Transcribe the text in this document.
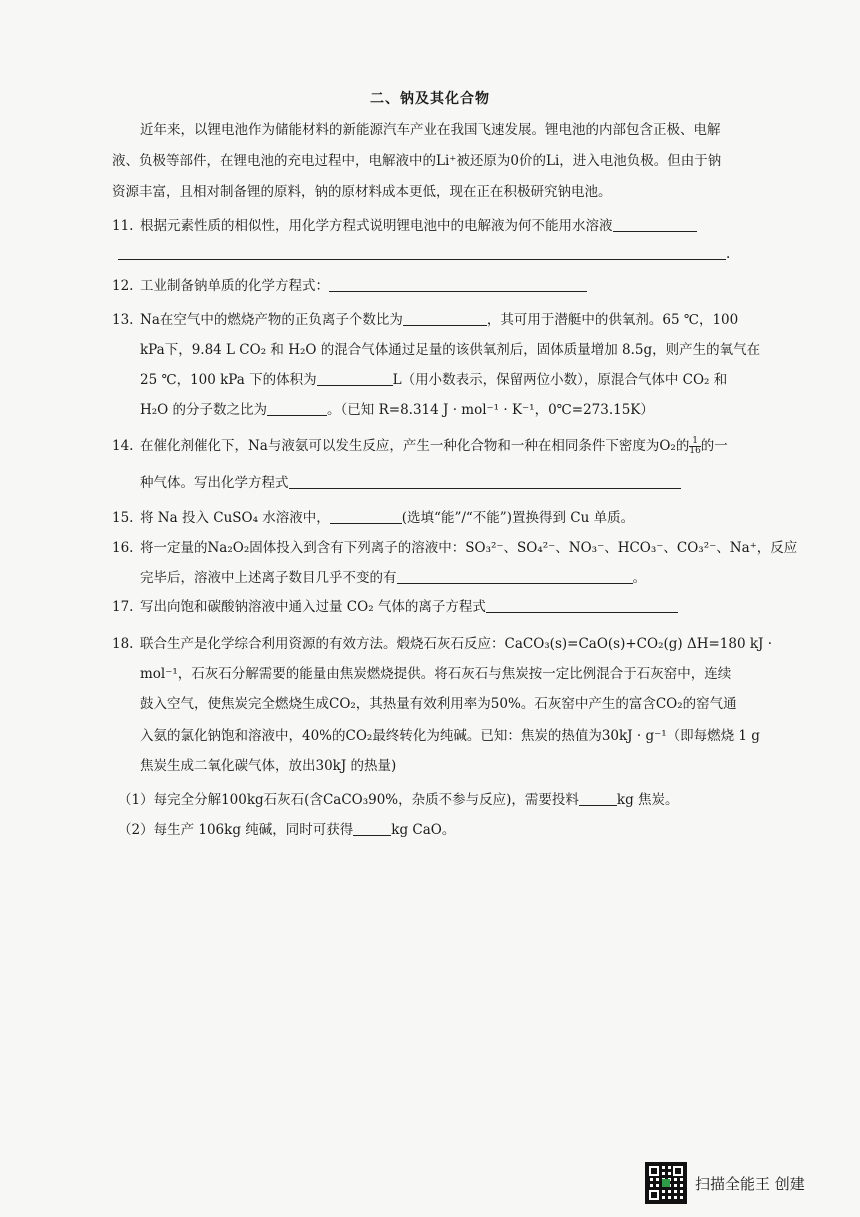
二、钠及其化合物
近年来，以锂电池作为储能材料的新能源汽车产业在我国飞速发展。锂电池的内部包含正极、电解
液、负极等部件，在锂电池的充电过程中，电解液中的Li⁺被还原为0价的Li，进入电池负极。但由于钠
资源丰富，且相对制备锂的原料，钠的原材料成本更低，现在正在积极研究钠电池。
11. 根据元素性质的相似性，用化学方程式说明锂电池中的电解液为何不能用水溶液
.
12. 工业制备钠单质的化学方程式：
13. Na在空气中的燃烧产物的正负离子个数比为	，其可用于潜艇中的供氧剂。65 ℃，100
kPa下，9.84 L CO₂ 和 H₂O 的混合气体通过足量的该供氧剂后，固体质量增加 8.5g，则产生的氧气在
25 ℃，100 kPa 下的体积为	L（用小数表示，保留两位小数），原混合气体中 CO₂ 和
H₂O 的分子数之比为	。（已知 R=8.314 J · mol⁻¹ · K⁻¹，0℃=273.15K）
14. 在催化剂催化下，Na与液氨可以发生反应，产生一种化合物和一种在相同条件下密度为O₂的 $\frac{1}{16}$ 的一
种气体。写出化学方程式
15. 将 Na 投入 CuSO₄ 水溶液中，	(选填“能”/“不能”)置换得到 Cu 单质。
16. 将一定量的Na₂O₂固体投入到含有下列离子的溶液中：SO₃²⁻、SO₄²⁻、NO₃⁻、HCO₃⁻、CO₃²⁻、Na⁺，反应
完毕后，溶液中上述离子数目几乎不变的有	。
17. 写出向饱和碳酸钠溶液中通入过量 CO₂ 气体的离子方程式
18. 联合生产是化学综合利用资源的有效方法。煅烧石灰石反应：CaCO₃(s)=CaO(s)+CO₂(g) ΔH=180 kJ ·
mol⁻¹，石灰石分解需要的能量由焦炭燃烧提供。将石灰石与焦炭按一定比例混合于石灰窑中，连续
鼓入空气，使焦炭完全燃烧生成CO₂，其热量有效利用率为50%。石灰窑中产生的富含CO₂的窑气通
入氨的氯化钠饱和溶液中，40%的CO₂最终转化为纯碱。已知：焦炭的热值为30kJ · g⁻¹（即每燃烧 1 g
焦炭生成二氧化碳气体，放出30kJ 的热量)
（1）每完全分解100kg石灰石(含CaCO₃90%，杂质不参与反应)，需要投料	kg 焦炭。
（2）每生产 106kg 纯碱，同时可获得	kg CaO。
扫描全能王 创建
